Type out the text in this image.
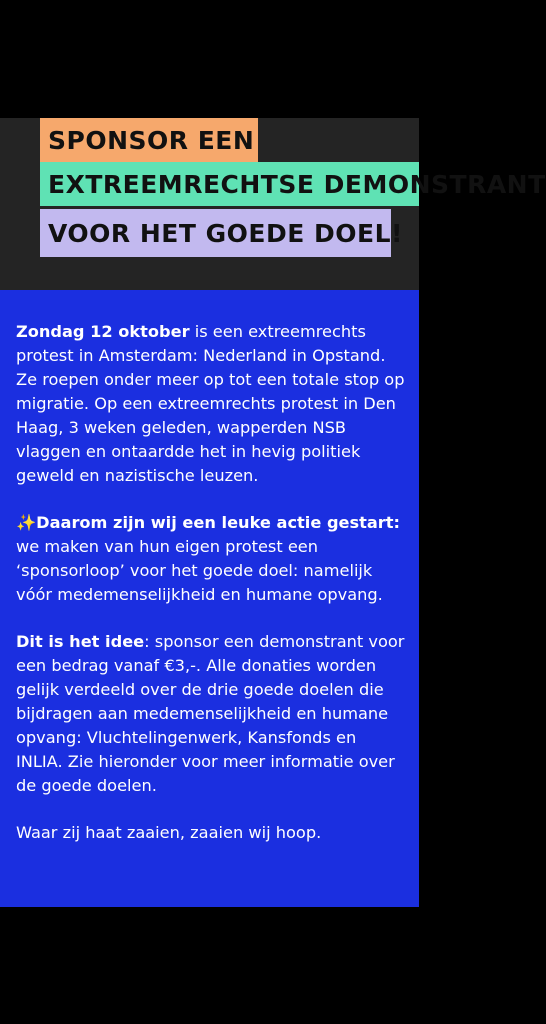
SPONSOR EEN
EXTREEMRECHTSE DEMONSTRANT
VOOR HET GOEDE DOEL!

Zondag 12 oktober is een extreemrechts protest in Amsterdam: Nederland in Opstand. Ze roepen onder meer op tot een totale stop op migratie. Op een extreemrechts protest in Den Haag, 3 weken geleden, wapperden NSB vlaggen en ontaardde het in hevig politiek geweld en nazistische leuzen.

✨Daarom zijn wij een leuke actie gestart: we maken van hun eigen protest een ‘sponsorloop’ voor het goede doel: namelijk vóór medemenselijkheid en humane opvang.

Dit is het idee: sponsor een demonstrant voor een bedrag vanaf €3,-. Alle donaties worden gelijk verdeeld over de drie goede doelen die bijdragen aan medemenselijkheid en humane opvang: Vluchtelingenwerk, Kansfonds en INLIA. Zie hieronder voor meer informatie over de goede doelen.

Waar zij haat zaaien, zaaien wij hoop.
